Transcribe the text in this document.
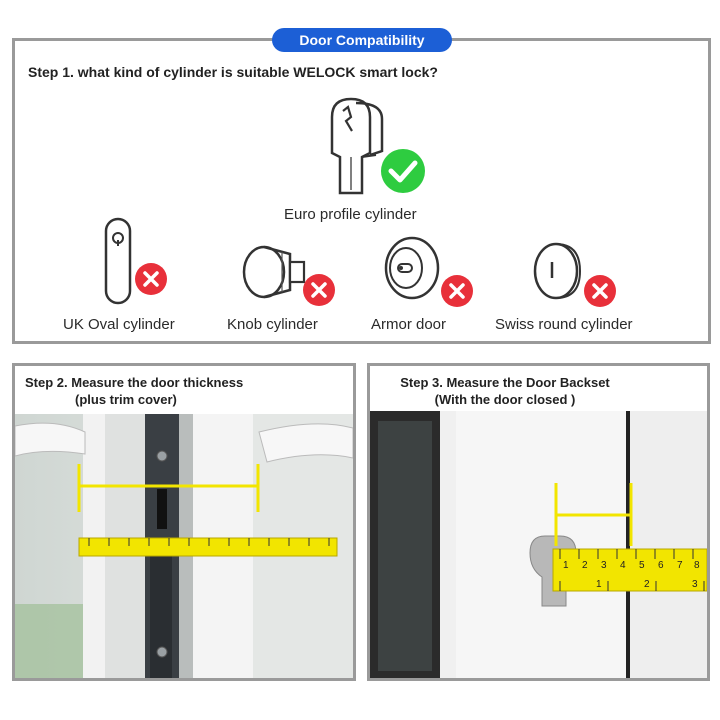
Door Compatibility
Step 1. what kind of cylinder is suitable WELOCK smart lock?
Euro profile cylinder
UK Oval cylinder	Knob cylinder	Armor door	Swiss round cylinder
Step 2. Measure the door thickness
(plus trim cover)
Step 3. Measure the Door Backset
(With the door closed )
1 2 3 4 5 6 7 8
1	2	3
